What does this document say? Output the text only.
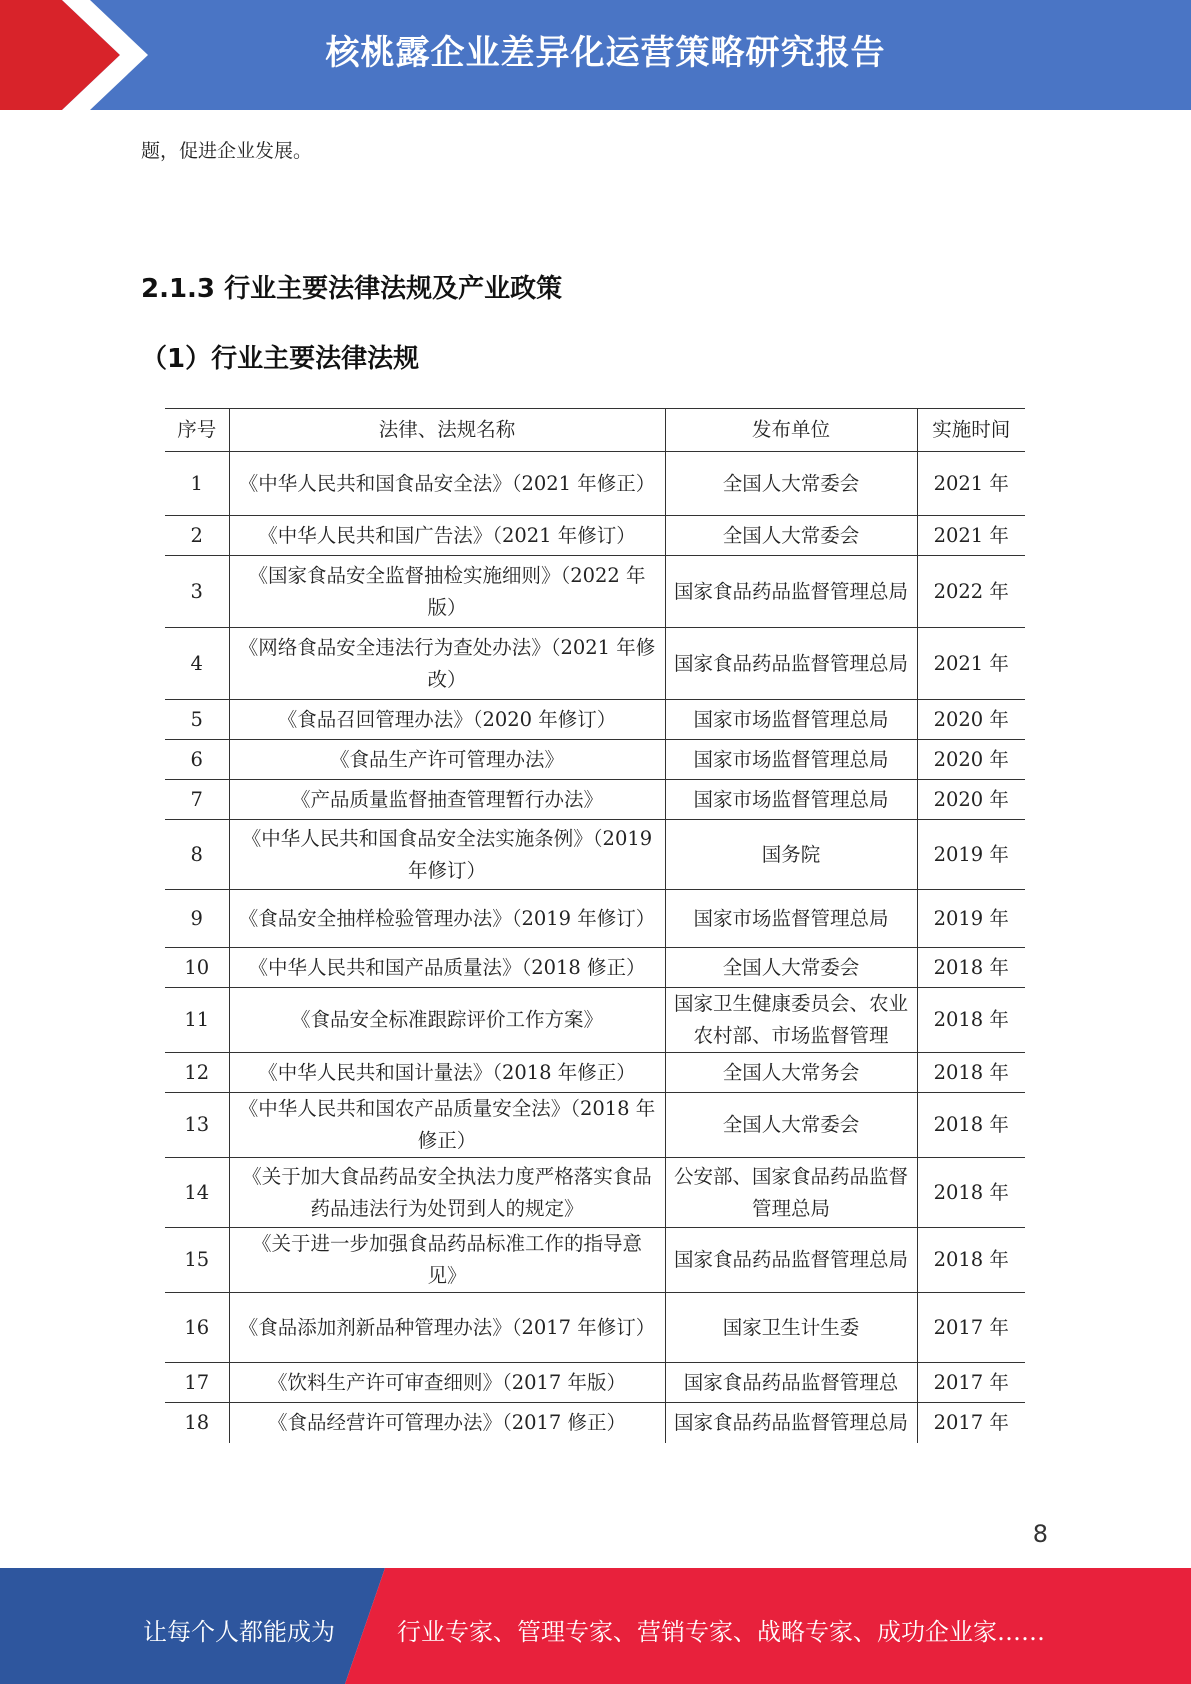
核桃露企业差异化运营策略研究报告
题，促进企业发展。
2.1.3 行业主要法律法规及产业政策
（1）行业主要法律法规
序号	法律、法规名称	发布单位	实施时间
1	《中华人民共和国食品安全法》（2021 年修正）	全国人大常委会	2021 年
2	《中华人民共和国广告法》（2021 年修订）	全国人大常委会	2021 年
3	《国家食品安全监督抽检实施细则》（2022 年版）	国家食品药品监督管理总局	2022 年
4	《网络食品安全违法行为查处办法》（2021 年修改）	国家食品药品监督管理总局	2021 年
5	《食品召回管理办法》（2020 年修订）	国家市场监督管理总局	2020 年
6	《食品生产许可管理办法》	国家市场监督管理总局	2020 年
7	《产品质量监督抽查管理暂行办法》	国家市场监督管理总局	2020 年
8	《中华人民共和国食品安全法实施条例》（2019 年修订）	国务院	2019 年
9	《食品安全抽样检验管理办法》（2019 年修订）	国家市场监督管理总局	2019 年
10	《中华人民共和国产品质量法》（2018 修正）	全国人大常委会	2018 年
11	《食品安全标准跟踪评价工作方案》	国家卫生健康委员会、农业农村部、市场监督管理	2018 年
12	《中华人民共和国计量法》（2018 年修正）	全国人大常务会	2018 年
13	《中华人民共和国农产品质量安全法》（2018 年修正）	全国人大常委会	2018 年
14	《关于加大食品药品安全执法力度严格落实食品药品违法行为处罚到人的规定》	公安部、国家食品药品监督管理总局	2018 年
15	《关于进一步加强食品药品标准工作的指导意见》	国家食品药品监督管理总局	2018 年
16	《食品添加剂新品种管理办法》（2017 年修订）	国家卫生计生委	2017 年
17	《饮料生产许可审查细则》（2017 年版）	国家食品药品监督管理总	2017 年
18	《食品经营许可管理办法》（2017 修正）	国家食品药品监督管理总局	2017 年
8
让每个人都能成为	行业专家、管理专家、营销专家、战略专家、成功企业家……
